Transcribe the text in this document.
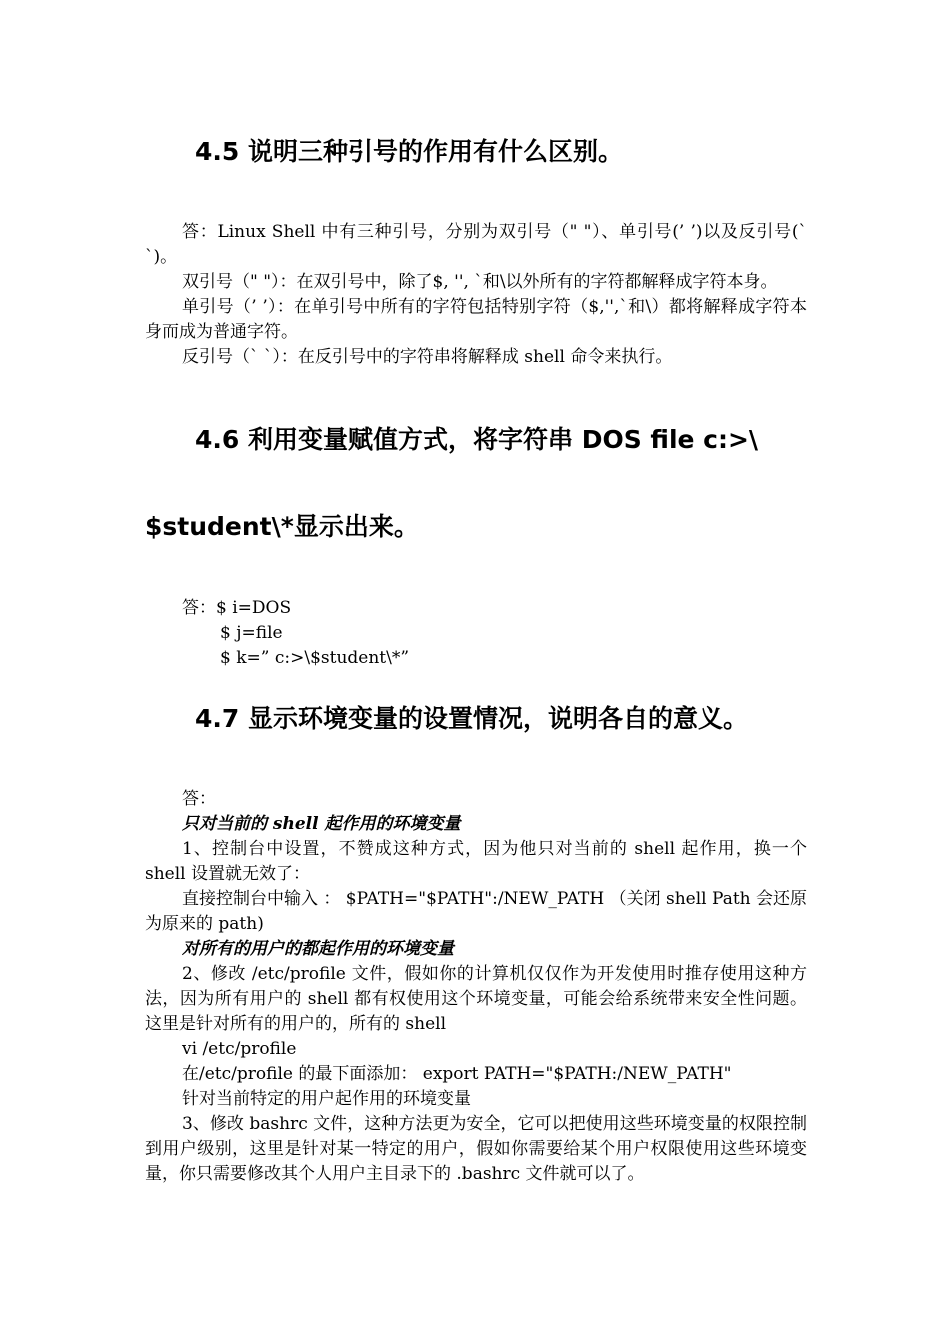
4.5 说明三种引号的作用有什么区别。

答：Linux Shell 中有三种引号，分别为双引号（" "）、单引号(’ ’)以及反引号(` `)。

双引号（" "）：在双引号中，除了$, '', `和\以外所有的字符都解释成字符本身。

单引号（’ ’）：在单引号中所有的字符包括特别字符（$,'',`和\）都将解释成字符本身而成为普通字符。

反引号（` `）：在反引号中的字符串将解释成 shell 命令来执行。

4.6 利用变量赋值方式，将字符串 DOS file c:>\
$student\*显示出来。

答：$ i=DOS

$ j=file

$ k=” c:>\$student\*”

4.7 显示环境变量的设置情况，说明各自的意义。

答：

只对当前的 shell 起作用的环境变量

1、控制台中设置，不赞成这种方式，因为他只对当前的 shell 起作用，换一个 shell 设置就无效了：

直接控制台中输入 ： $PATH="$PATH":/NEW_PATH （关闭 shell Path 会还原为原来的 path)

对所有的用户的都起作用的环境变量

2、修改 /etc/profile 文件，假如你的计算机仅仅作为开发使用时推存使用这种方法，因为所有用户的 shell 都有权使用这个环境变量，可能会给系统带来安全性问题。这里是针对所有的用户的，所有的 shell

vi /etc/profile

在/etc/profile 的最下面添加： export PATH="$PATH:/NEW_PATH"

针对当前特定的用户起作用的环境变量

3、修改 bashrc 文件，这种方法更为安全，它可以把使用这些环境变量的权限控制到用户级别，这里是针对某一特定的用户，假如你需要给某个用户权限使用这些环境变量，你只需要修改其个人用户主目录下的 .bashrc 文件就可以了。
